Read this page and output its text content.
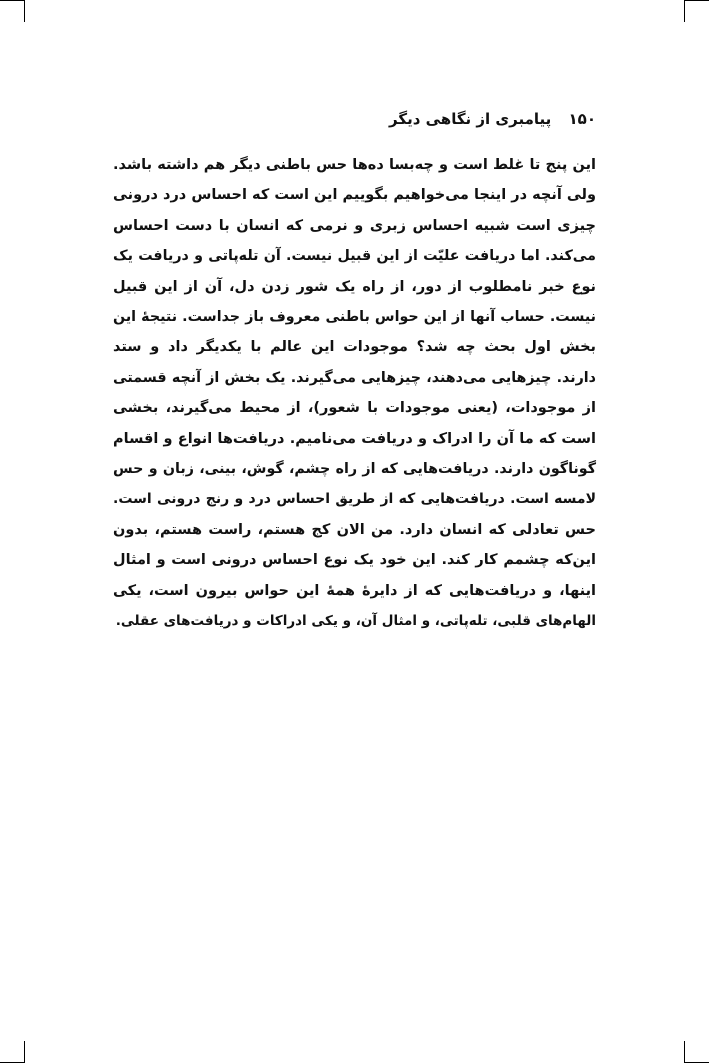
۱۵۰ پیامبری از نگاهی دیگر
این پنج تا غلط است و چه‌بسا ده‌ها حس باطنی دیگر هم داشته باشد.
ولی آنچه در اینجا می‌خواهیم بگوییم این است که احساس درد درونی
چیزی است شبیه احساس زبری و نرمی که انسان با دست احساس
می‌کند. اما دریافت علیّت از این قبیل نیست. آن تله‌پاتی و دریافت یک
نوع خبر نامطلوب از دور، از راه یک شور زدن دل، آن از این قبیل
نیست. حساب آنها از این حواس باطنی معروف باز جداست. نتیجهٔ این
بخش اول بحث چه شد؟ موجودات این عالم با یکدیگر داد و ستد
دارند. چیزهایی می‌دهند، چیزهایی می‌گیرند. یک بخش از آنچه قسمتی
از موجودات، (یعنی موجودات با شعور)، از محیط می‌گیرند، بخشی
است که ما آن را ادراک و دریافت می‌نامیم. دریافت‌ها انواع و اقسام
گوناگون دارند. دریافت‌هایی که از راه چشم، گوش، بینی، زبان و حس
لامسه است. دریافت‌هایی که از طریق احساس درد و رنج درونی است.
حس تعادلی که انسان دارد. من الان کج هستم، راست هستم، بدون
این‌که چشمم کار کند. این خود یک نوع احساس درونی است و امثال
اینها، و دریافت‌هایی که از دایرهٔ همهٔ این حواس بیرون است، یکی
الهام‌های قلبی، تله‌پاتی، و امثال آن، و یکی ادراکات و دریافت‌های عقلی.
